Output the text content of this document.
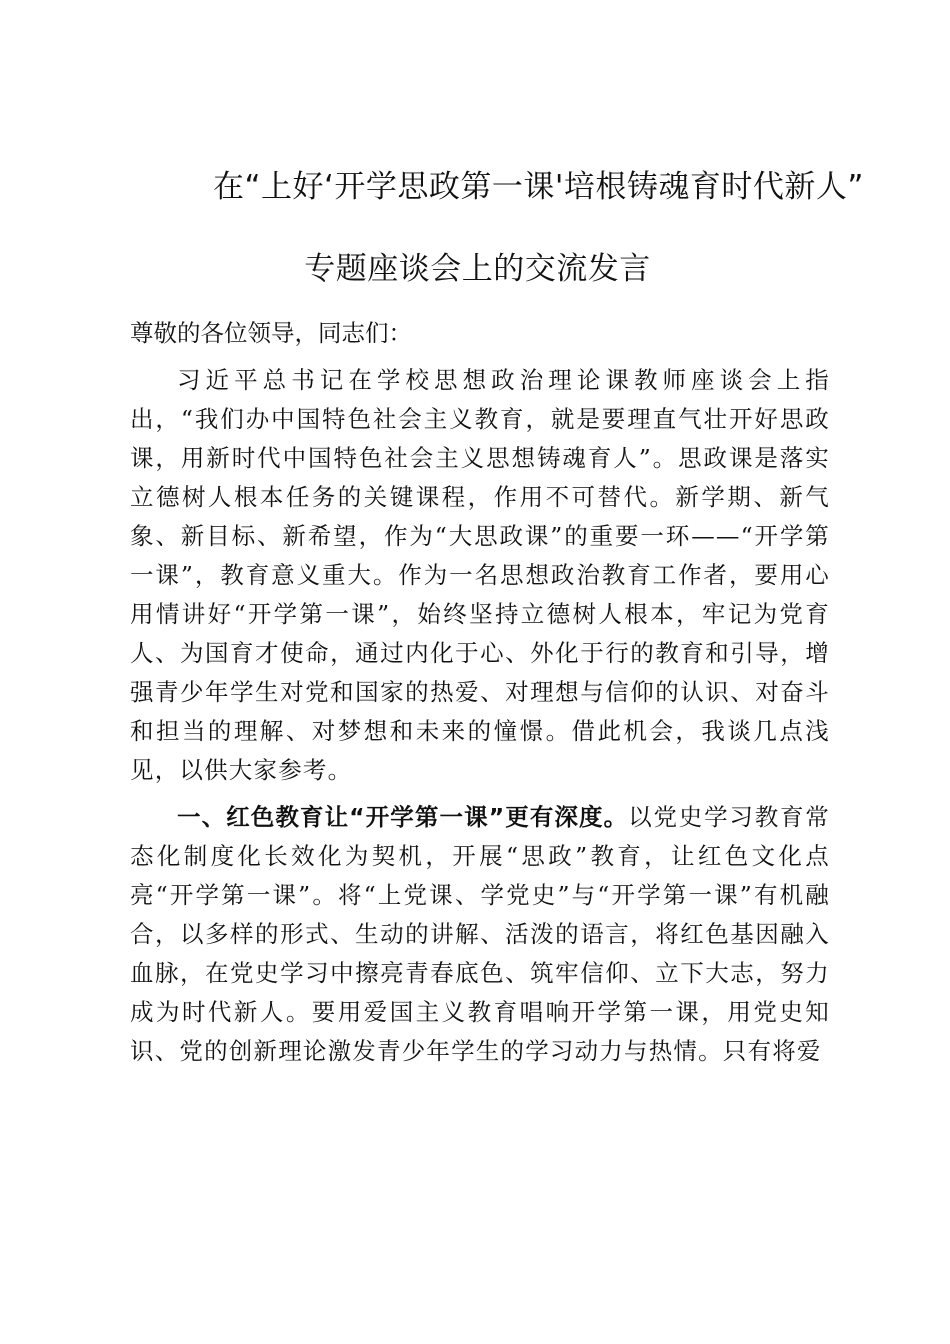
在“上好‘开学思政第一课'培根铸魂育时代新人”
专题座谈会上的交流发言

尊敬的各位领导，同志们：

习近平总书记在学校思想政治理论课教师座谈会上指出，“我们办中国特色社会主义教育，就是要理直气壮开好思政课，用新时代中国特色社会主义思想铸魂育人”。思政课是落实立德树人根本任务的关键课程，作用不可替代。新学期、新气象、新目标、新希望，作为“大思政课”的重要一环——“开学第一课”，教育意义重大。作为一名思想政治教育工作者，要用心用情讲好“开学第一课”，始终坚持立德树人根本，牢记为党育人、为国育才使命，通过内化于心、外化于行的教育和引导，增强青少年学生对党和国家的热爱、对理想与信仰的认识、对奋斗和担当的理解、对梦想和未来的憧憬。借此机会，我谈几点浅见，以供大家参考。

一、红色教育让“开学第一课”更有深度。以党史学习教育常态化制度化长效化为契机，开展“思政”教育，让红色文化点亮“开学第一课”。将“上党课、学党史”与“开学第一课”有机融合，以多样的形式、生动的讲解、活泼的语言，将红色基因融入血脉，在党史学习中擦亮青春底色、筑牢信仰、立下大志，努力成为时代新人。要用爱国主义教育唱响开学第一课，用党史知识、党的创新理论激发青少年学生的学习动力与热情。只有将爱
